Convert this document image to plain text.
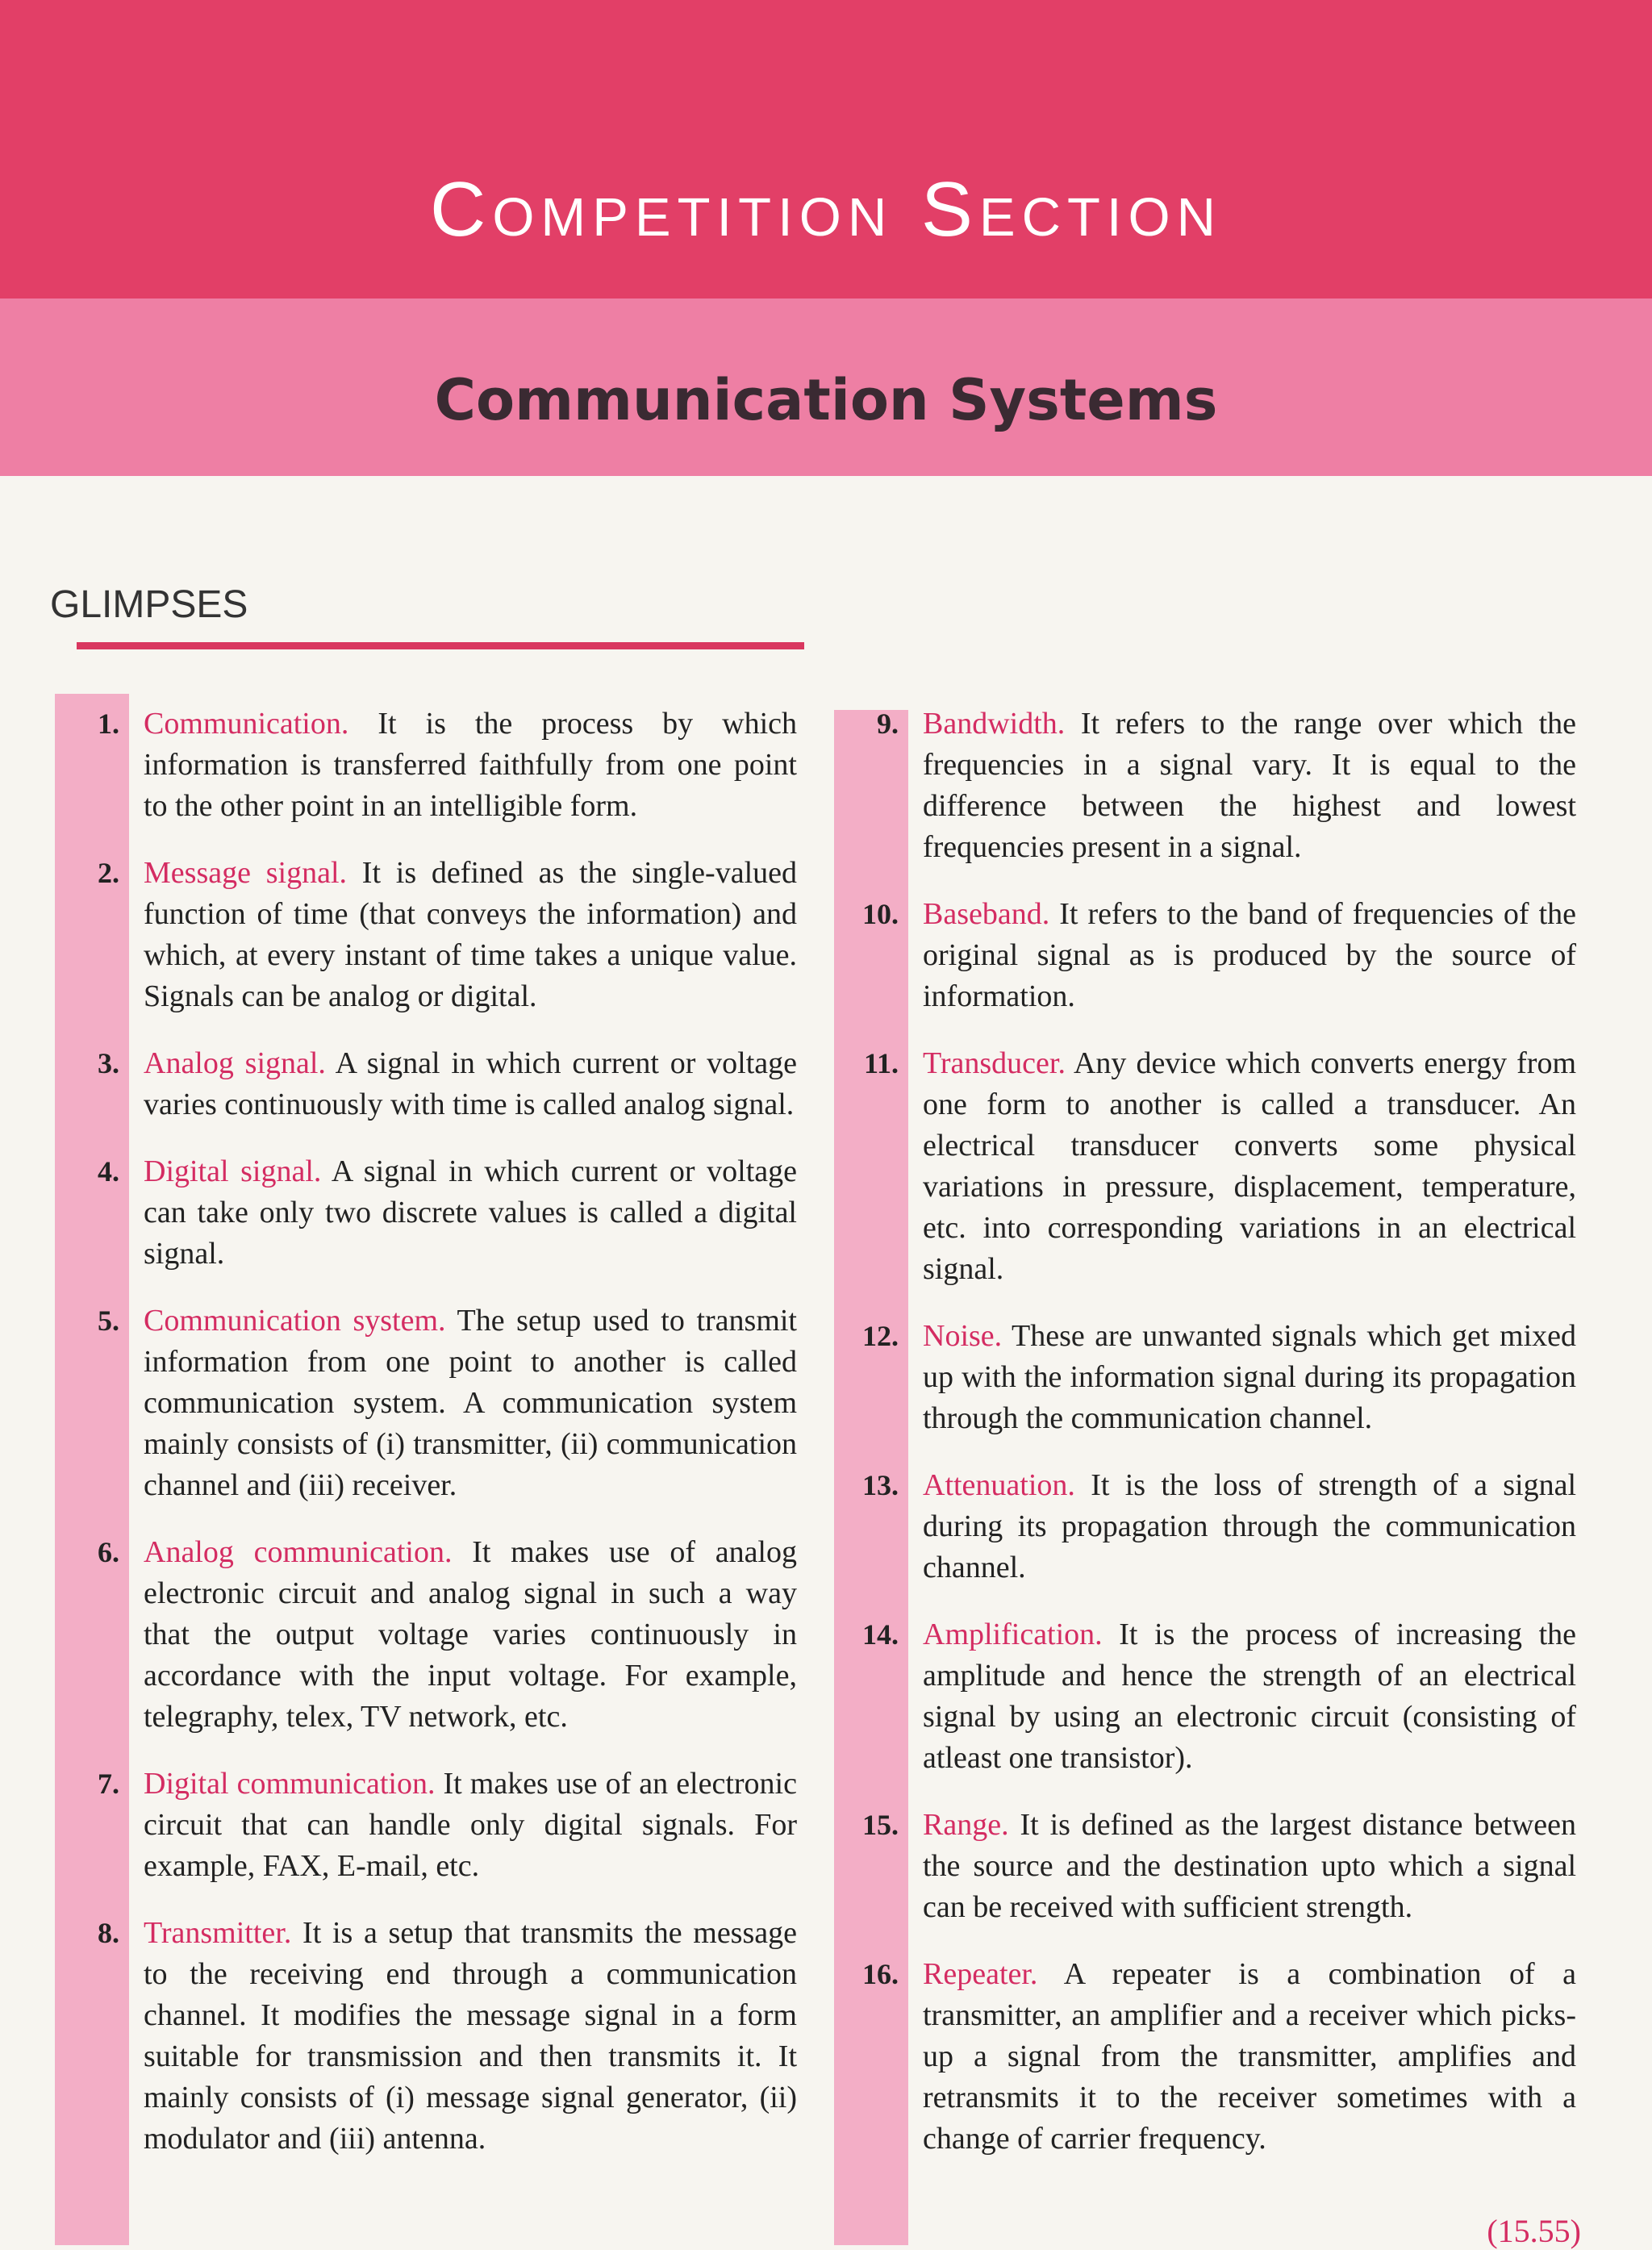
Competition Section
Communication Systems
GLIMPSES
1. Communication. It is the process by which information is transferred faithfully from one point to the other point in an intelligible form.
2. Message signal. It is defined as the single-valued function of time (that conveys the information) and which, at every instant of time takes a unique value. Signals can be analog or digital.
3. Analog signal. A signal in which current or voltage varies continuously with time is called analog signal.
4. Digital signal. A signal in which current or voltage can take only two discrete values is called a digital signal.
5. Communication system. The setup used to transmit information from one point to another is called communication system. A communication system mainly consists of (i) transmitter, (ii) communication channel and (iii) receiver.
6. Analog communication. It makes use of analog electronic circuit and analog signal in such a way that the output voltage varies continuously in accordance with the input voltage. For example, telegraphy, telex, TV network, etc.
7. Digital communication. It makes use of an electronic circuit that can handle only digital signals. For example, FAX, E-mail, etc.
8. Transmitter. It is a setup that transmits the message to the receiving end through a communication channel. It modifies the message signal in a form suitable for transmission and then transmits it. It mainly consists of (i) message signal generator, (ii) modulator and (iii) antenna.
9. Bandwidth. It refers to the range over which the frequencies in a signal vary. It is equal to the difference between the highest and lowest frequencies present in a signal.
10. Baseband. It refers to the band of frequencies of the original signal as is produced by the source of information.
11. Transducer. Any device which converts energy from one form to another is called a transducer. An electrical transducer converts some physical variations in pressure, displacement, temperature, etc. into corresponding variations in an electrical signal.
12. Noise. These are unwanted signals which get mixed up with the information signal during its propagation through the communication channel.
13. Attenuation. It is the loss of strength of a signal during its propagation through the communication channel.
14. Amplification. It is the process of increasing the amplitude and hence the strength of an electrical signal by using an electronic circuit (consisting of atleast one transistor).
15. Range. It is defined as the largest distance between the source and the destination upto which a signal can be received with sufficient strength.
16. Repeater. A repeater is a combination of a transmitter, an amplifier and a receiver which picks-up a signal from the transmitter, amplifies and retransmits it to the receiver sometimes with a change of carrier frequency.
(15.55)
